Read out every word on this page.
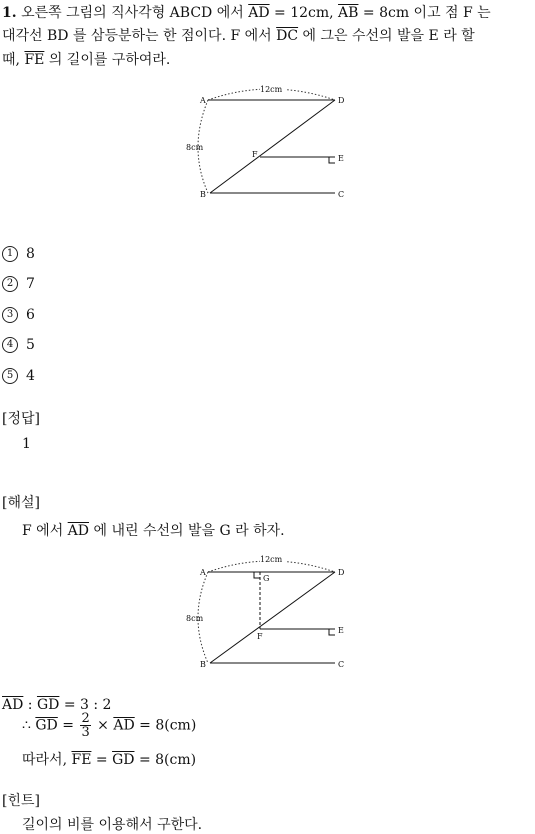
1. 오른쪽 그림의 직사각형 ABCD 에서 $\overline{AD} = 12cm$, $\overline{AB} = 8cm$ 이고 점 F 는
대각선 BD 를 삼등분하는 한 점이다. F 에서 $\overline{DC}$ 에 그은 수선의 발을 E 라 할
때, $\overline{FE}$ 의 길이를 구하여라.
12cm
A	D
B	C
E
F
8cm
1 8
2 7
3 6
4 5
5 4
[정답]
1
[해설]
F 에서 $\overline{AD}$ 에 내린 수선의 발을 G 라 하자.
12cm
A	D
G
B	C
E
F
8cm
$\overline{AD}$ : $\overline{GD} = 3$ : 2
∴ $\overline{GD} = \frac{2}{3} \times \overline{AD} = 8(cm)$
따라서, $\overline{FE} = \overline{GD} = 8(cm)$
[힌트]
길이의 비를 이용해서 구한다.
